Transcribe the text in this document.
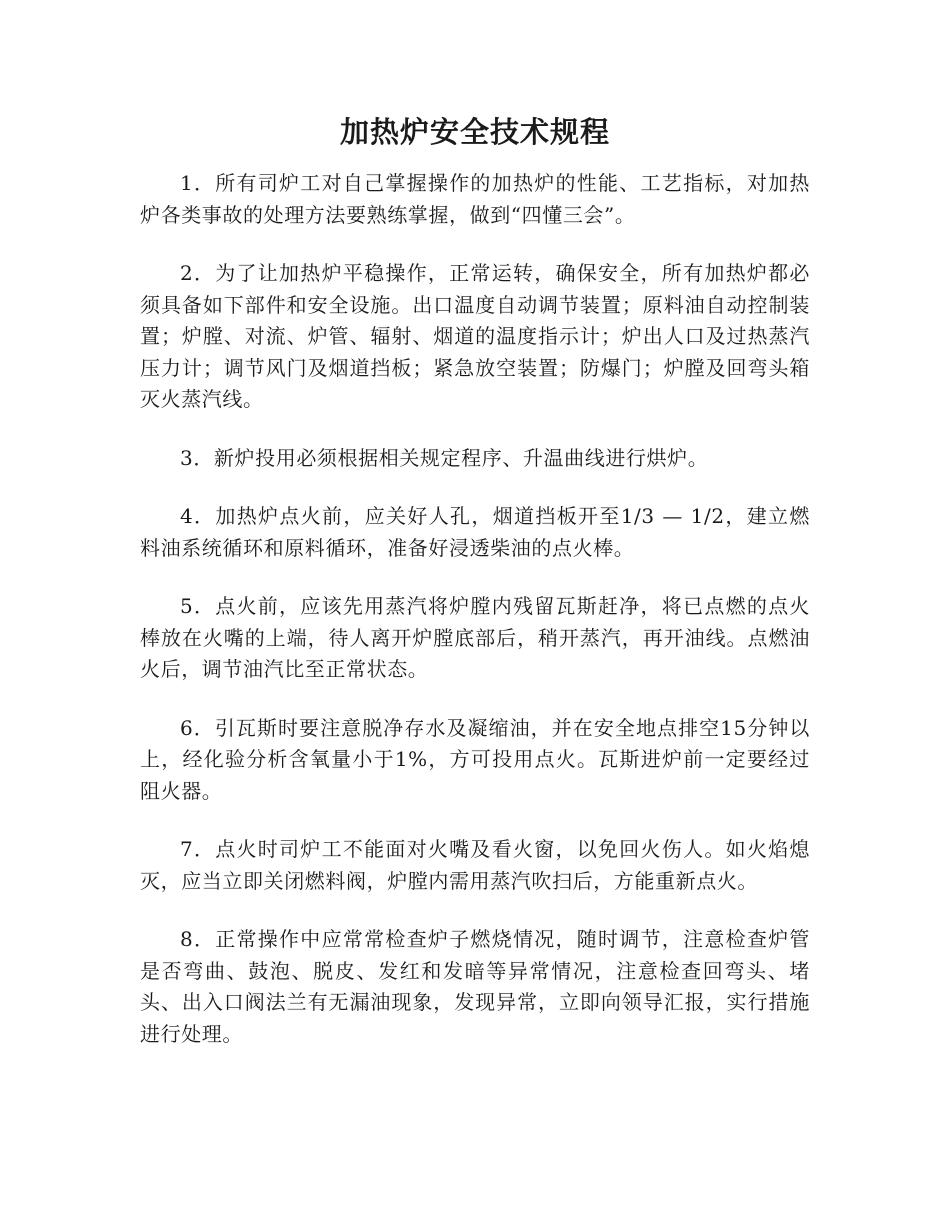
加热炉安全技术规程

1．所有司炉工对自己掌握操作的加热炉的性能、工艺指标，对加热炉各类事故的处理方法要熟练掌握，做到“四懂三会”。

2．为了让加热炉平稳操作，正常运转，确保安全，所有加热炉都必须具备如下部件和安全设施。出口温度自动调节装置；原料油自动控制装置；炉膛、对流、炉管、辐射、烟道的温度指示计；炉出人口及过热蒸汽压力计；调节风门及烟道挡板；紧急放空装置；防爆门；炉膛及回弯头箱灭火蒸汽线。

3．新炉投用必须根据相关规定程序、升温曲线进行烘炉。

4．加热炉点火前，应关好人孔，烟道挡板开至1/3 — 1/2，建立燃料油系统循环和原料循环，准备好浸透柴油的点火棒。

5．点火前，应该先用蒸汽将炉膛内残留瓦斯赶净，将已点燃的点火棒放在火嘴的上端，待人离开炉膛底部后，稍开蒸汽，再开油线。点燃油火后，调节油汽比至正常状态。

6．引瓦斯时要注意脱净存水及凝缩油，并在安全地点排空15分钟以上，经化验分析含氧量小于1%，方可投用点火。瓦斯进炉前一定要经过阻火器。

7．点火时司炉工不能面对火嘴及看火窗，以免回火伤人。如火焰熄灭，应当立即关闭燃料阀，炉膛内需用蒸汽吹扫后，方能重新点火。

8．正常操作中应常常检查炉子燃烧情况，随时调节，注意检查炉管是否弯曲、鼓泡、脱皮、发红和发暗等异常情况，注意检查回弯头、堵头、出入口阀法兰有无漏油现象，发现异常，立即向领导汇报，实行措施进行处理。
